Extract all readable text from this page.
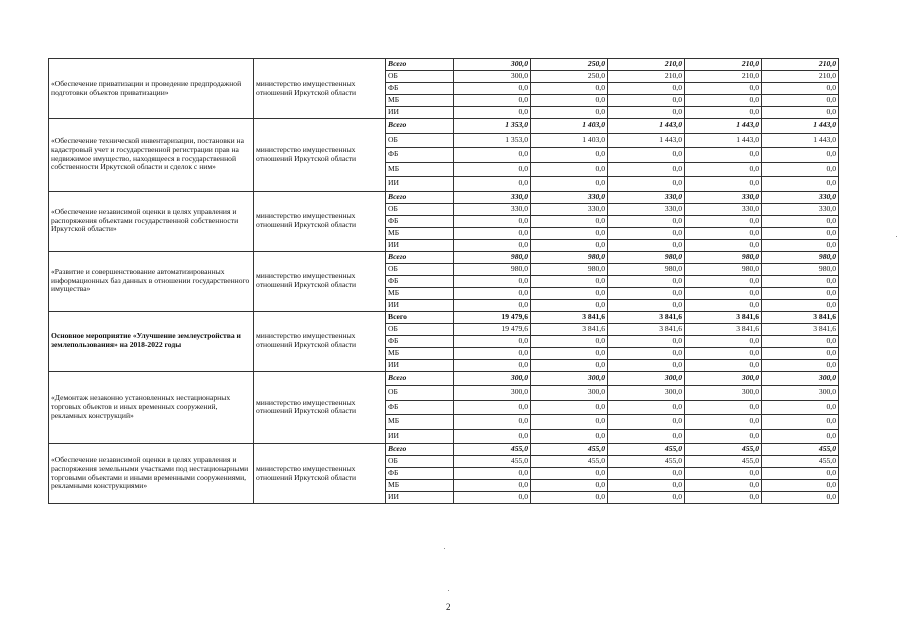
«Обеспечение приватизации и проведение предпродажной подготовки объектов приватизации»	министерство имущественных отношений Иркутской области	Всего	300,0	250,0	210,0	210,0	210,0
		ОБ	300,0	250,0	210,0	210,0	210,0
		ФБ	0,0	0,0	0,0	0,0	0,0
		МБ	0,0	0,0	0,0	0,0	0,0
		ИИ	0,0	0,0	0,0	0,0	0,0
«Обеспечение технической инвентаризации, постановки на кадастровый учет и государственной регистрации прав на недвижимое имущество, находящееся в государственной собственности Иркутской области и сделок с ним»	министерство имущественных отношений Иркутской области	Всего	1 353,0	1 403,0	1 443,0	1 443,0	1 443,0
		ОБ	1 353,0	1 403,0	1 443,0	1 443,0	1 443,0
		ФБ	0,0	0,0	0,0	0,0	0,0
		МБ	0,0	0,0	0,0	0,0	0,0
		ИИ	0,0	0,0	0,0	0,0	0,0
«Обеспечение независимой оценки в целях управления и распоряжения объектами государственной собственности Иркутской области»	министерство имущественных отношений Иркутской области	Всего	330,0	330,0	330,0	330,0	330,0
		ОБ	330,0	330,0	330,0	330,0	330,0
		ФБ	0,0	0,0	0,0	0,0	0,0
		МБ	0,0	0,0	0,0	0,0	0,0
		ИИ	0,0	0,0	0,0	0,0	0,0
«Развитие и совершенствование автоматизированных информационных баз данных в отношении государственного имущества»	министерство имущественных отношений Иркутской области	Всего	980,0	980,0	980,0	980,0	980,0
		ОБ	980,0	980,0	980,0	980,0	980,0
		ФБ	0,0	0,0	0,0	0,0	0,0
		МБ	0,0	0,0	0,0	0,0	0,0
		ИИ	0,0	0,0	0,0	0,0	0,0
Основное мероприятие «Улучшение землеустройства и землепользования» на 2018-2022 годы	министерство имущественных отношений Иркутской области	Всего	19 479,6	3 841,6	3 841,6	3 841,6	3 841,6
		ОБ	19 479,6	3 841,6	3 841,6	3 841,6	3 841,6
		ФБ	0,0	0,0	0,0	0,0	0,0
		МБ	0,0	0,0	0,0	0,0	0,0
		ИИ	0,0	0,0	0,0	0,0	0,0
«Демонтаж незаконно установленных нестационарных торговых объектов и иных временных сооружений, рекламных конструкций»	министерство имущественных отношений Иркутской области	Всего	300,0	300,0	300,0	300,0	300,0
		ОБ	300,0	300,0	300,0	300,0	300,0
		ФБ	0,0	0,0	0,0	0,0	0,0
		МБ	0,0	0,0	0,0	0,0	0,0
		ИИ	0,0	0,0	0,0	0,0	0,0
«Обеспечение независимой оценки в целях управления и распоряжения земельными участками под нестационарными торговыми объектами и иными временными сооружениями, рекламными конструкциями»	министерство имущественных отношений Иркутской области	Всего	455,0	455,0	455,0	455,0	455,0
		ОБ	455,0	455,0	455,0	455,0	455,0
		ФБ	0,0	0,0	0,0	0,0	0,0
		МБ	0,0	0,0	0,0	0,0	0,0
		ИИ	0,0	0,0	0,0	0,0	0,0
2
